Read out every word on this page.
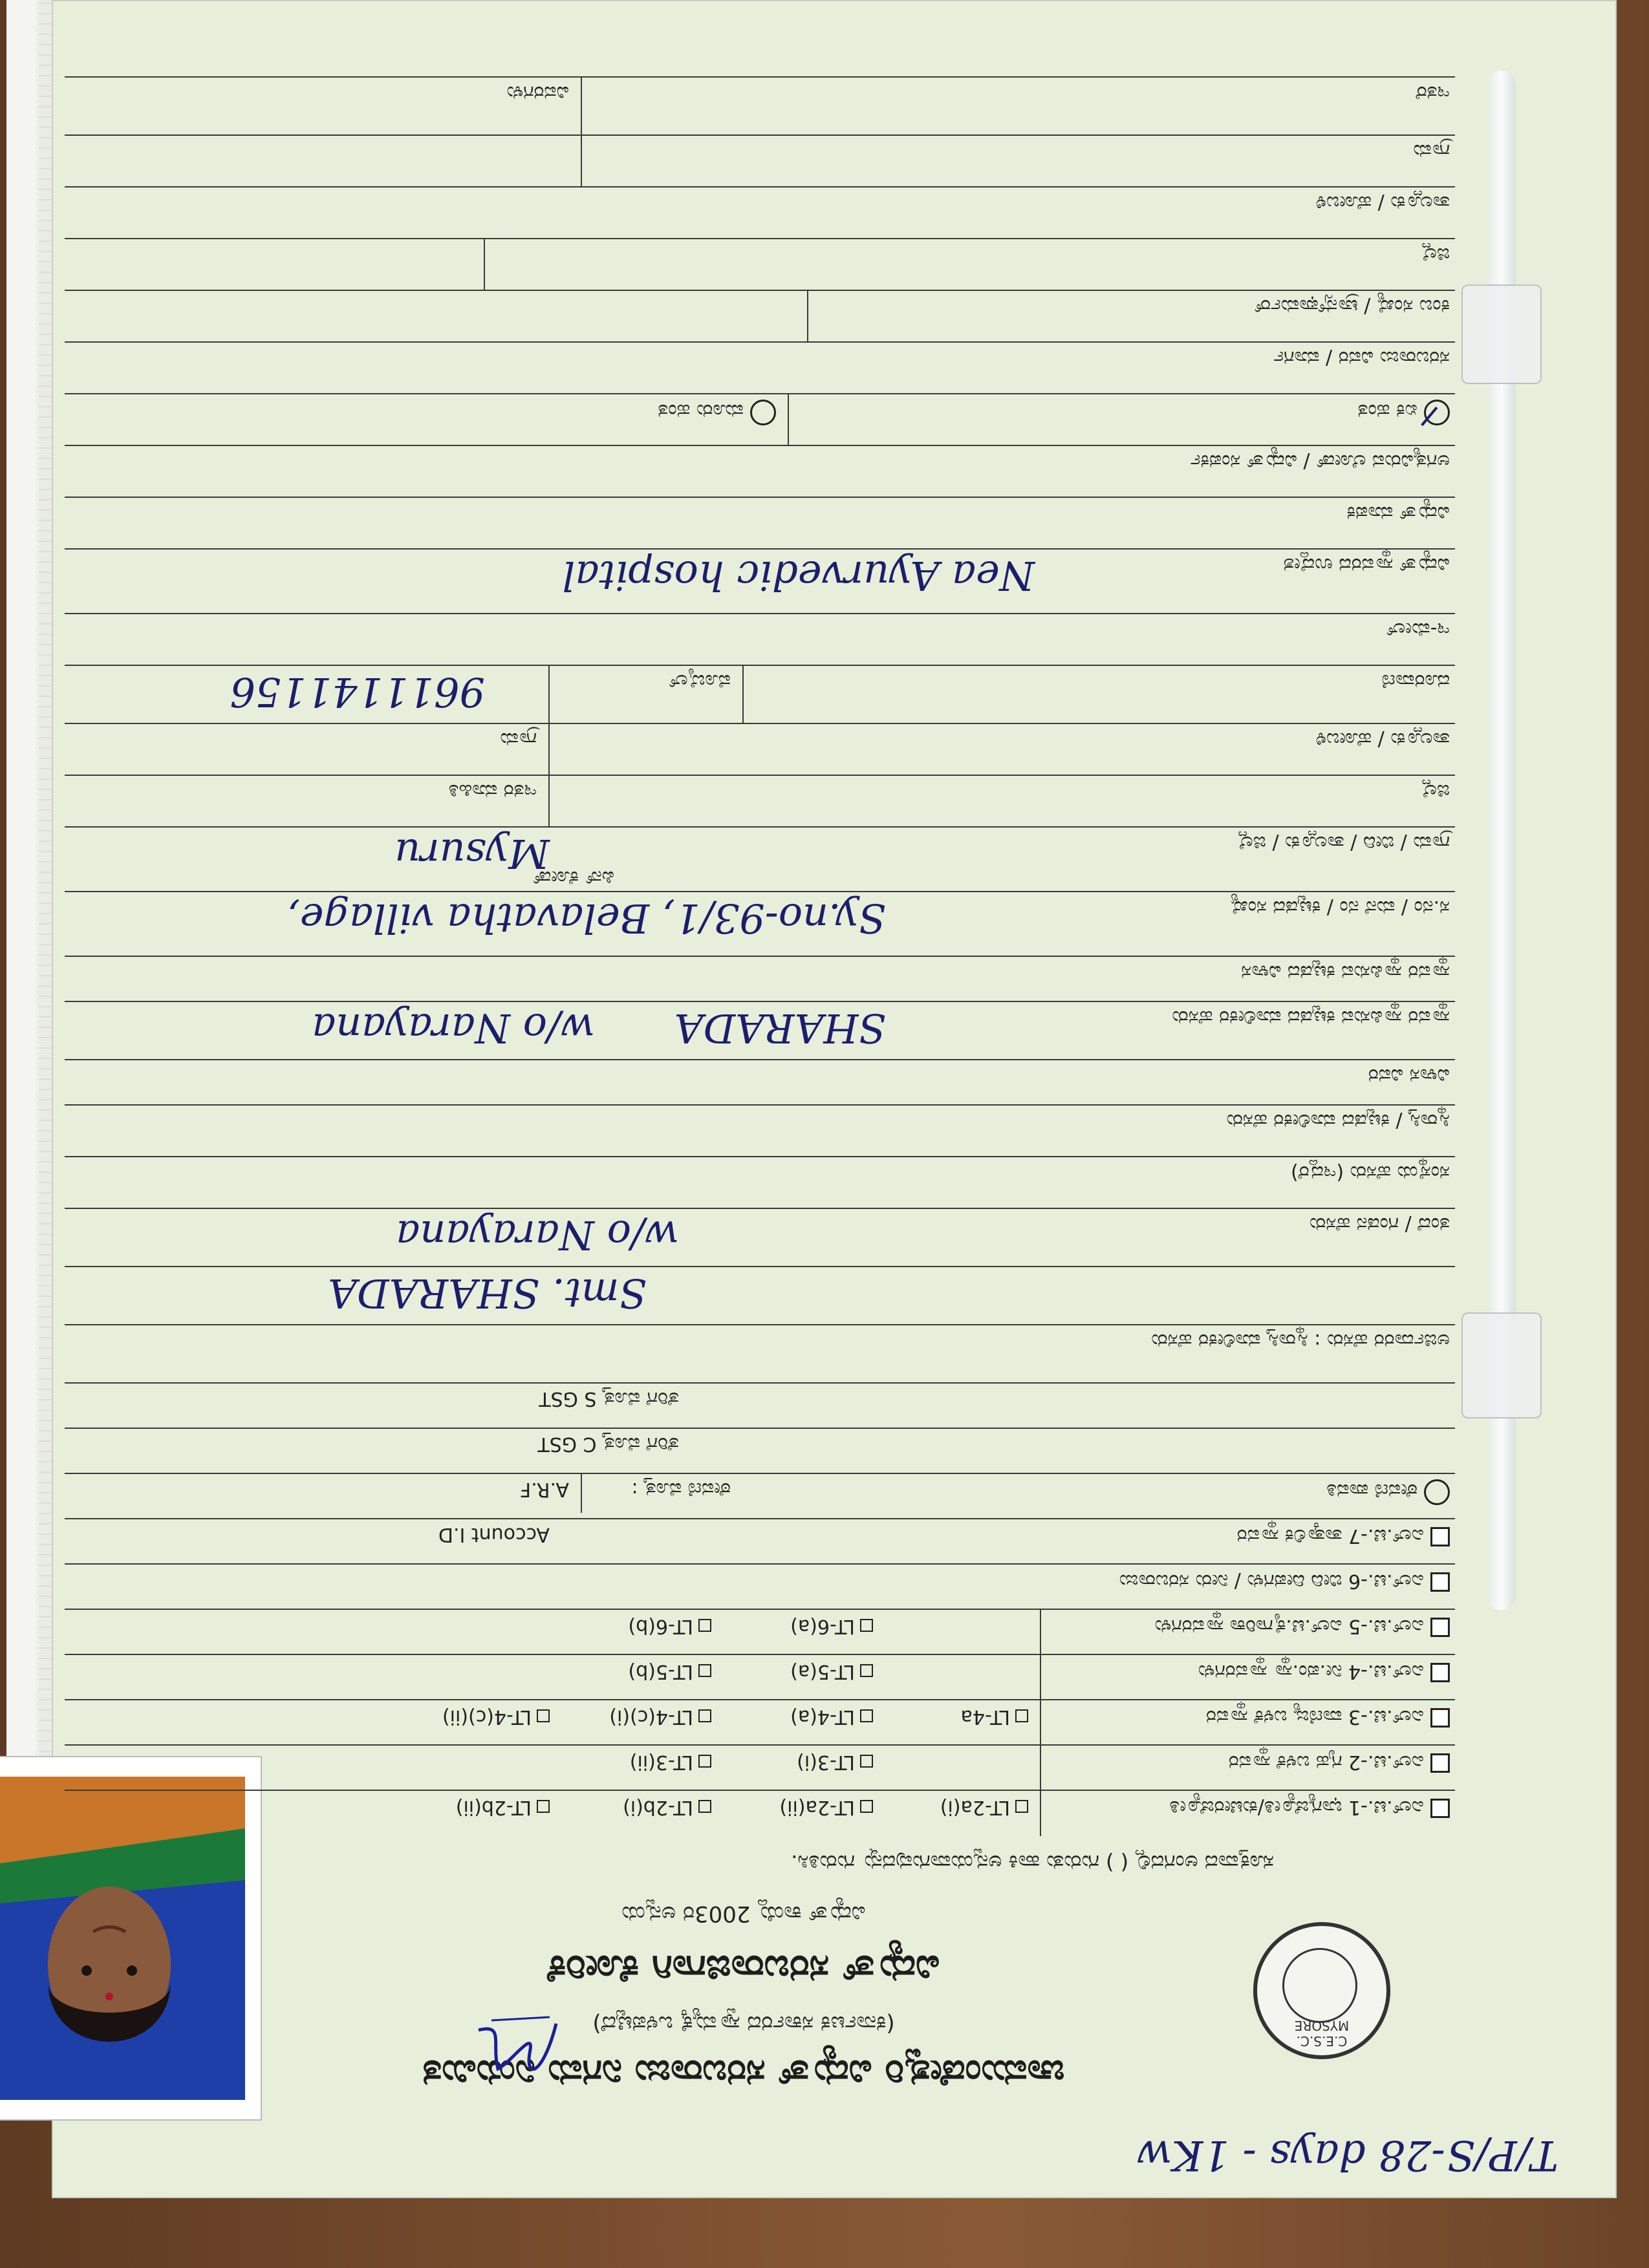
T/P/S-28 days - 1Kw
ಚಾಮುಂಡೇಶ್ವರಿ ವಿದ್ಯುತ್ ಸರಬರಾಜು ನಿಗಮ ನಿಯಮಿತ
(ಕರ್ನಾಟಕ ಸರ್ಕಾರದ ಸ್ವಾಮ್ಯಕ್ಕೆ ಒಳಪಟ್ಟಿದೆ)
ವಿದ್ಯುತ್ ಸರಬರಾಜಿಗಾಗಿ ಕೋರಿಕೆ
ವಿದ್ಯುತ್ ಕಾಯ್ದೆ 2003ರ ಅನ್ವಯ
ಸೂಕ್ತವಾದ ಅಂಗದಲ್ಲಿ ( ) ಗುರುತು ಹಾಕಿ ಅನ್ವಯವಾಗುವುದನ್ನು ಗುರುತಿಸಿ.
C.E.S.C. MYSORE
ಎಲ್.ಟಿ.-1 ಭಾಗ್ಯಜ್ಯೋತಿ/ಕುಟೀರಜ್ಯೋತಿ
LT-2a(i)
LT-2a(ii)
LT-2b(i)
LT-2b(ii)
ಎಲ್.ಟಿ.-2 ಗೃಹ ಬಳಕೆ ಸ್ಥಾವರ
LT-3(i)
LT-3(ii)
ಎಲ್.ಟಿ.-3 ವಾಣಿಜ್ಯ ಬಳಕೆ ಸ್ಥಾವರ
LT-4a
LT-4(a)
LT-4(c)(i)
LT-4(c)(ii)
ಎಲ್.ಟಿ.-4 ನೀ.ಪಂ.ಸ್ಥಾ ಸ್ಥಾವರಗಳು
LT-5(a)
LT-5(b)
ಎಲ್.ಟಿ.-5 ಎಲ್.ಟಿ.ಕೈಗಾರಿಕಾ ಸ್ಥಾವರಗಳು
LT-6(a)
LT-6(b)
ಎಲ್.ಟಿ.-6 ಬೀದಿ ದೀಪಗಳು / ನೀರು ಸರಬರಾಜು
ಎಲ್.ಟಿ.-7 ತಾತ್ಕಾಲಿಕ ಸ್ಥಾವರ
Account I.D
ಠೇವಣಿ ಪಾವತಿ
ಠೇವಣಿ ಮೊತ್ತ :
A.R.F
ತೆರಿಗೆ ಮೊತ್ತ C GST
ತೆರಿಗೆ ಮೊತ್ತ S GST
ಅರ್ಜಿದಾರರ ಹೆಸರು : ಸ್ಥಿರಾಸ್ತಿ ಮಾಲೀಕರ ಹೆಸರು
Smt. SHARADA
ತಂದೆ / ಗಂಡನ ಹೆಸರು
w/o Narayana
ಸಂಸ್ಥೆಯ ಹೆಸರು (ಇದ್ದರೆ)
ಸ್ಥಿರಾಸ್ತಿ / ಕಟ್ಟಡದ ಮಾಲೀಕರ ಹೆಸರು
ವಿಳಾಸ ವಿವರ
ಸ್ಥಾವರ ಸ್ಥಾಪಿಸುವ ಕಟ್ಟಡದ ಮಾಲೀಕರ ಹೆಸರು
SHARADA
w/o Narayana
ಸ್ಥಾವರ ಸ್ಥಾಪಿಸುವ ಕಟ್ಟಡದ ವಿಳಾಸ
ಸ.ನಂ / ಮನೆ ನಂ / ಕಟ್ಟಡದ ಸಂಖ್ಯೆ
Sy.no-93/1, Belavatha village,
ಗ್ರಾಮ / ಬೀದಿ / ತಾಲ್ಲೂಕು / ಜಿಲ್ಲೆ
Mysuru
ಪಿನ್ ಕೋಡ್
ಜಿಲ್ಲೆ
ಇತರ ಮಾಹಿತಿ
ತಾಲ್ಲೂಕು / ಹೋಬಳಿ
ಗ್ರಾಮ
ದೂರವಾಣಿ
ಮೊಬೈಲ್
9611141156
ಇ-ಮೇಲ್
ವಿದ್ಯುತ್ ಸ್ಥಾವರದ ಉದ್ದೇಶ
Nea Ayurvedic hospital
ವಿದ್ಯುತ್ ಮಾಪಕ
ಅಗತ್ಯವಿರುವ ಲೋಡ್ / ವಿದ್ಯುತ್ ಸಂಪರ್ಕ
ಏಕ ಹಂತ
ಮೂರು ಹಂತ
ಸರಬರಾಜು ವಿವರ / ಮಾರ್ಗ
ಕಂಬ ಸಂಖ್ಯೆ / ಟ್ರಾನ್ಸ್‌ಫಾರ್ಮರ್
ಜಿಲ್ಲೆ
ತಾಲ್ಲೂಕು / ಹೋಬಳಿ
ಗ್ರಾಮ
ಇತರೆ
ವಿವರಗಳು
